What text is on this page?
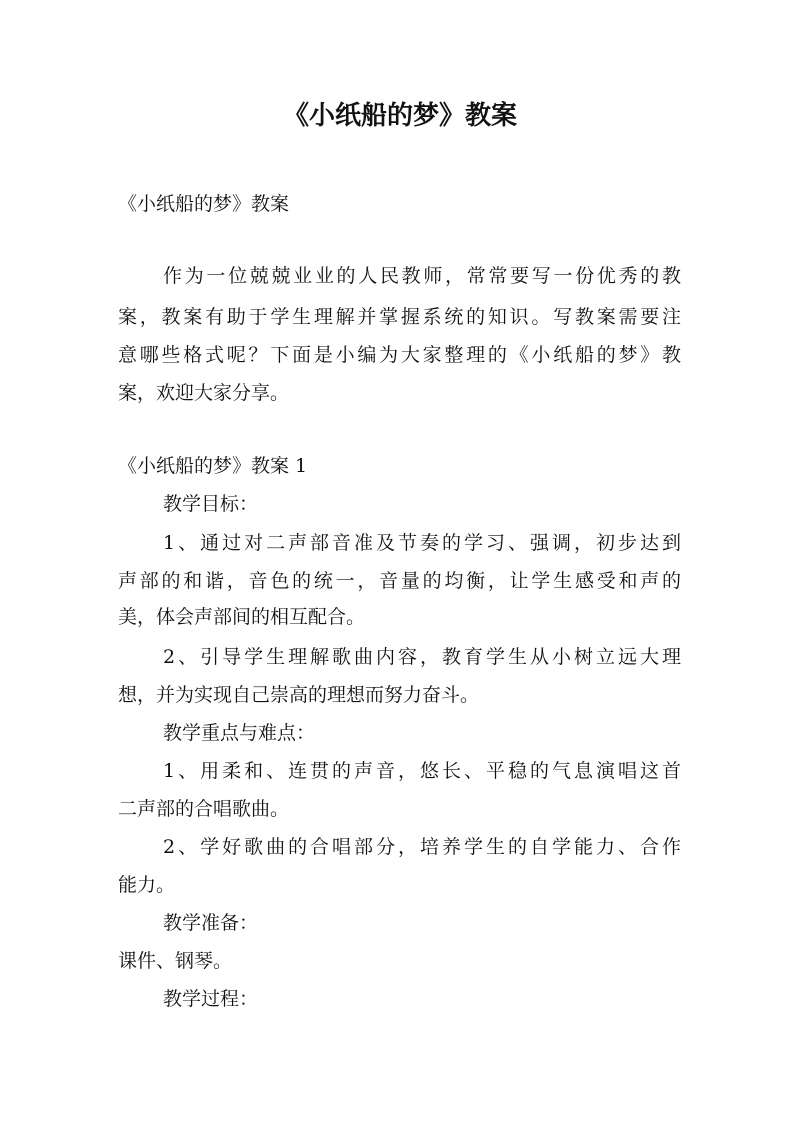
《小纸船的梦》教案

《小纸船的梦》教案

作为一位兢兢业业的人民教师，常常要写一份优秀的教

案，教案有助于学生理解并掌握系统的知识。写教案需要注

意哪些格式呢？下面是小编为大家整理的《小纸船的梦》教

案，欢迎大家分享。

《小纸船的梦》教案 1

教学目标：

1、通过对二声部音准及节奏的学习、强调，初步达到

声部的和谐，音色的统一，音量的均衡，让学生感受和声的

美，体会声部间的相互配合。

2、引导学生理解歌曲内容，教育学生从小树立远大理

想，并为实现自己崇高的理想而努力奋斗。

教学重点与难点：

1、用柔和、连贯的声音，悠长、平稳的气息演唱这首

二声部的合唱歌曲。

2、学好歌曲的合唱部分，培养学生的自学能力、合作

能力。

教学准备：

课件、钢琴。

教学过程：
